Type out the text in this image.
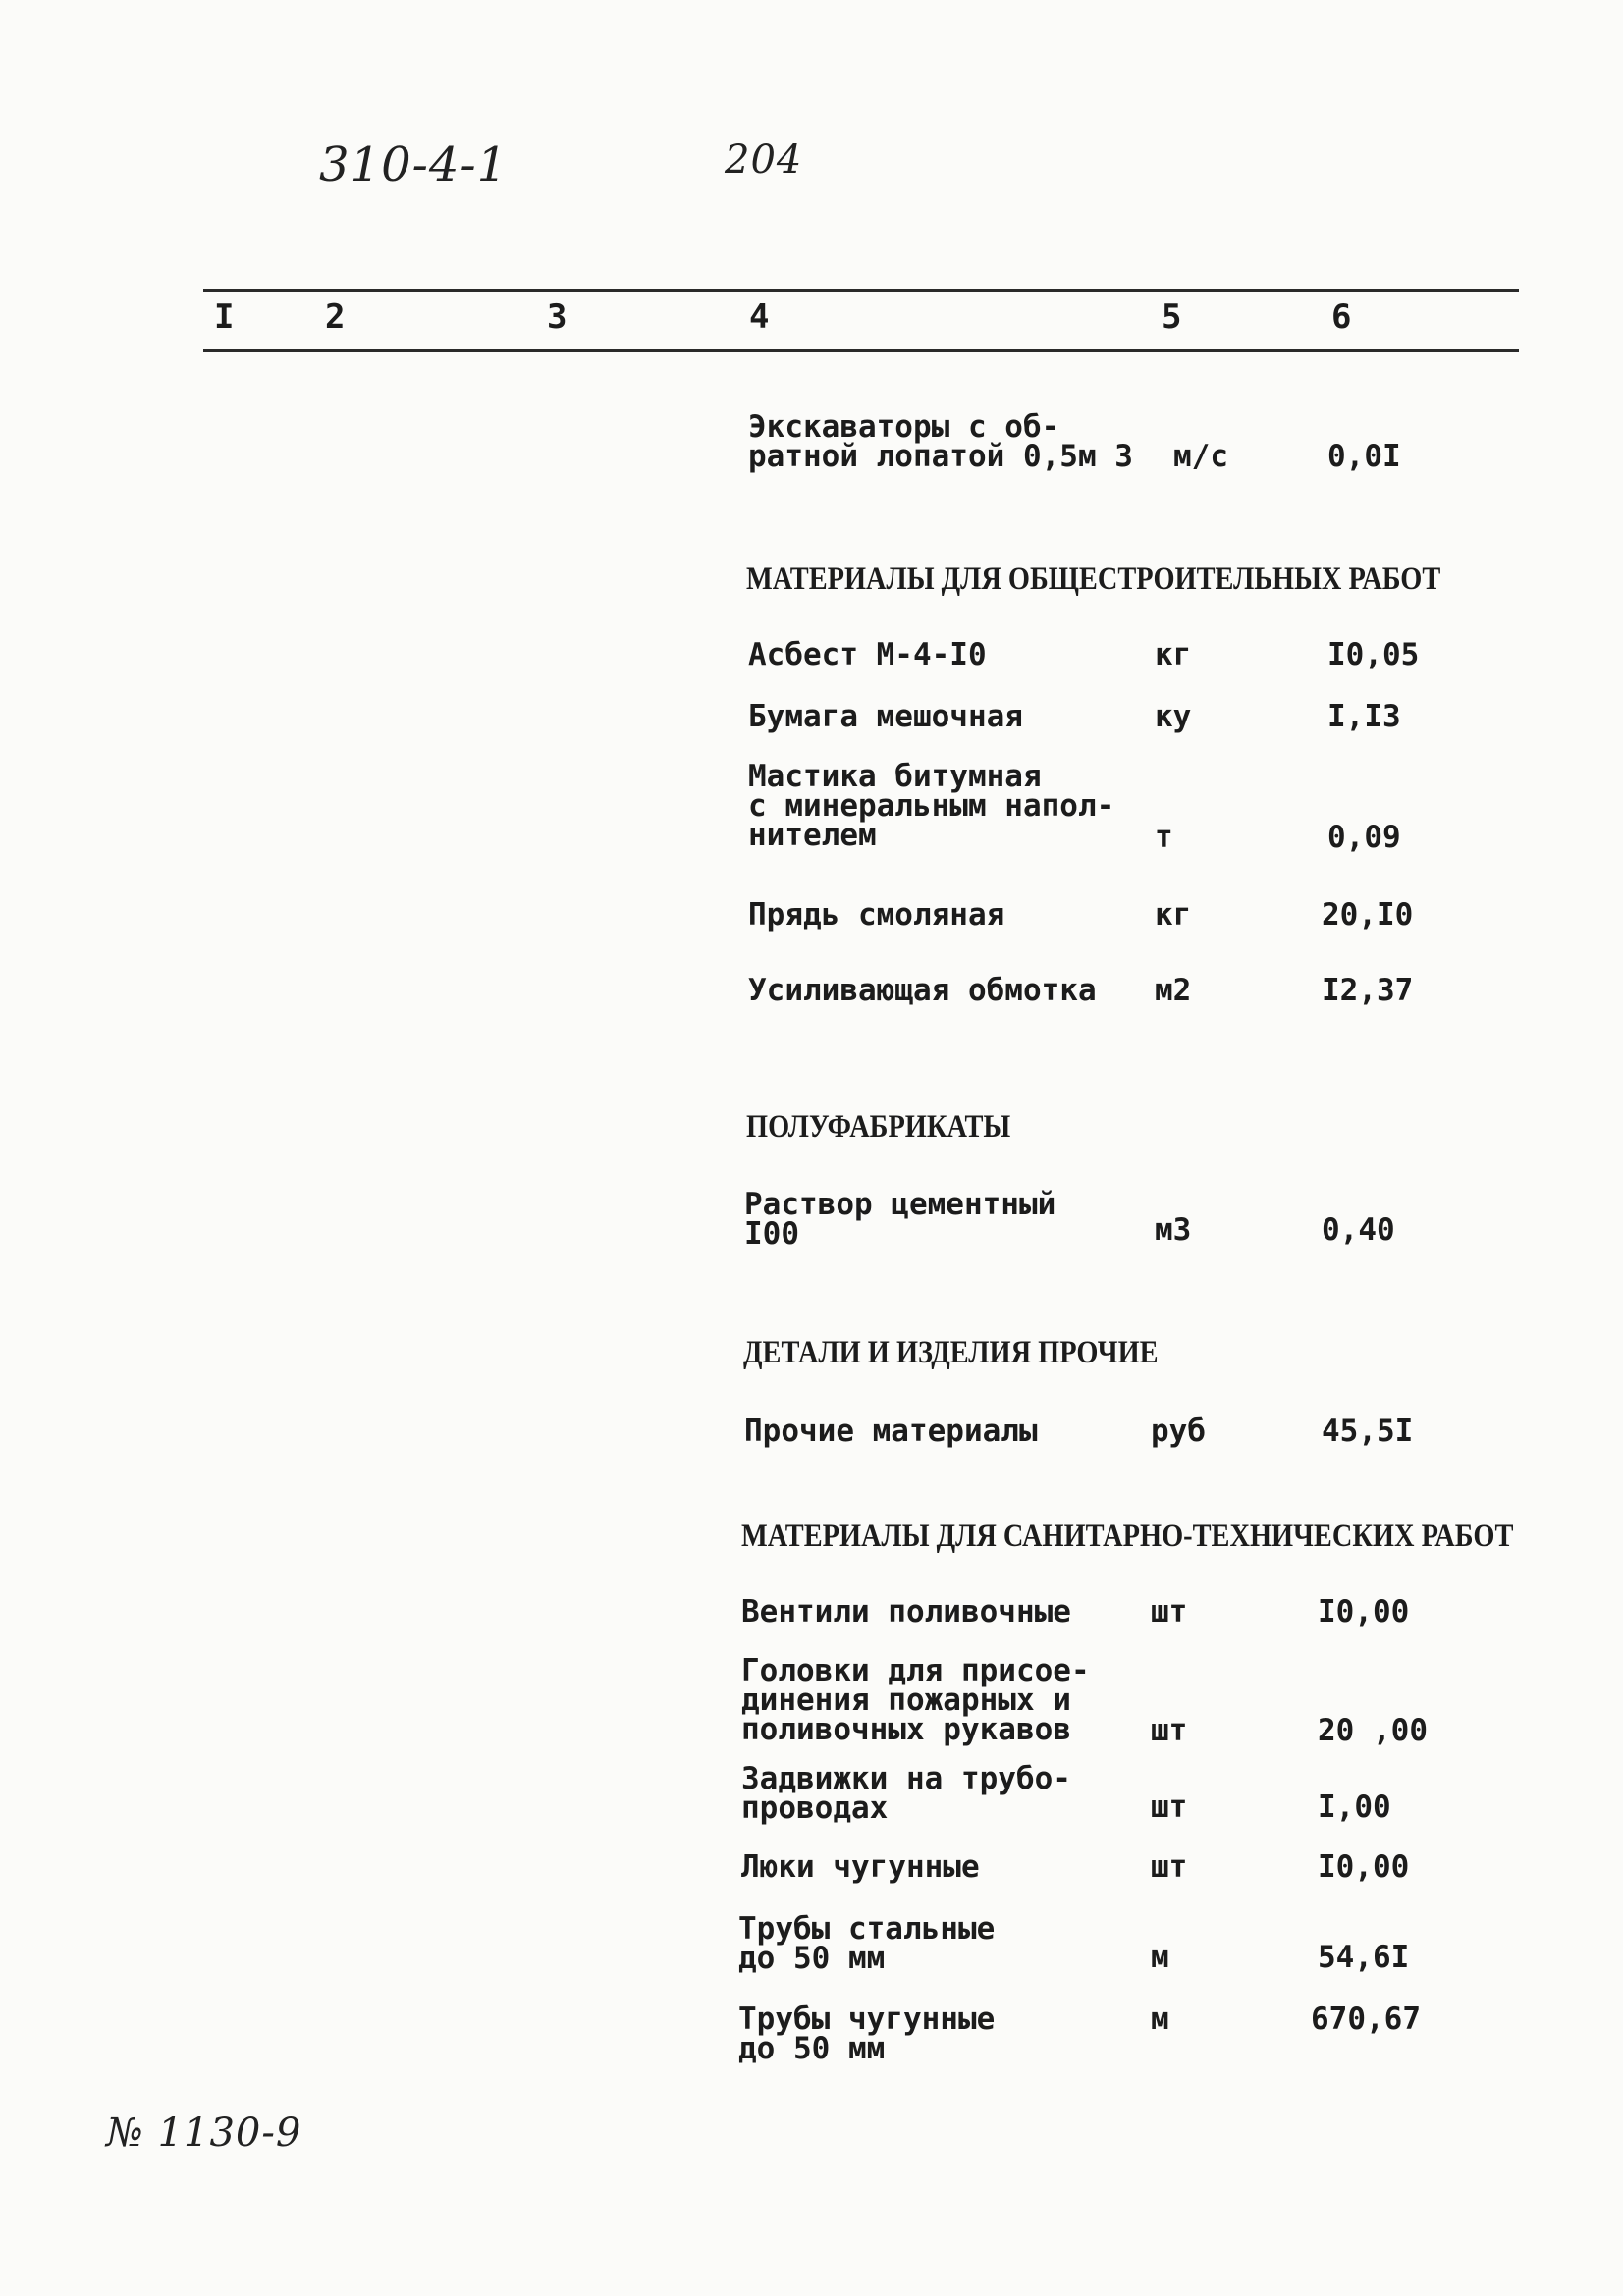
310-4-1	204
I	2	3	4	5	6
Экскаваторы с об-
ратной лопатой 0,5м 3 м/с	0,0I
МАТЕРИАЛЫ ДЛЯ ОБЩЕСТРОИТЕЛЬНЫХ РАБОТ
Асбест М-4-I0	кг	I0,05
Бумага мешочная	ку	I,I3
Мастика битумная
с минеральным напол-
нителем	т	0,09
Прядь смоляная	кг	20,I0
Усиливающая обмотка м2	I2,37
ПОЛУФАБРИКАТЫ
Раствор цементный
I00	м3	0,40
ДЕТАЛИ И ИЗДЕЛИЯ ПРОЧИЕ
Прочие материалы	руб	45,5I
МАТЕРИАЛЫ ДЛЯ САНИТАРНО-ТЕХНИЧЕСКИХ РАБОТ
Вентили поливочные	шт	I0,00
Головки для присое-
динения пожарных и
поливочных рукавов	шт	20 ,00
Задвижки на трубо-
проводах	шт	I,00
Люки чугунные	шт	I0,00
Трубы стальные
до 50 мм	м	54,6I
Трубы чугунные
до 50 мм
м	670,67
№ 1130-9
